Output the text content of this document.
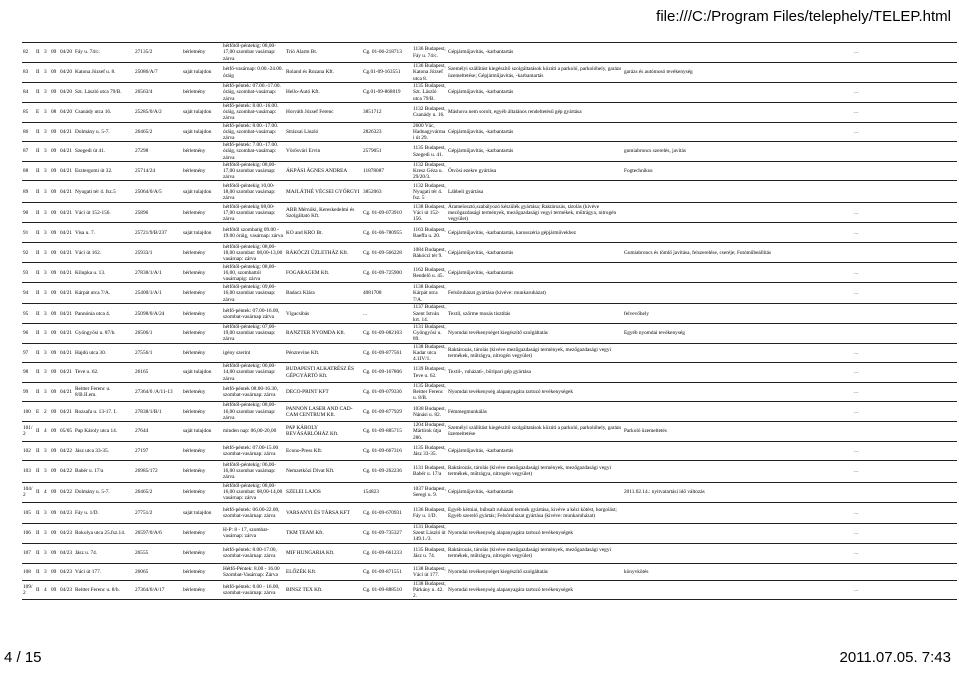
file:///C:/Program Files/telephely/TELEP.html
82	II	3	09	04/20	Fáy u. 74/c.	27135/2	bérlemény	hétfőtől-péntekig: 08,00-17,00 szombat vasárnap: zárva	Trió Alarm Bt.	Cg. 01-06-218713	1136 Budapest, Fáy u. 74/c.	Gépjárműjavítás, -karbantartás		...
83	II	3	09	04/20	Katona József u. 8.	25086/A/7	saját tulajdon	hétfő-vasárnap: 0.00.-24.00. óráig	Roland és Rozana Kft.	Cg.01-09-163551	1136 Budapest, Katona József utca 8.	Személyi szállítást kiegészítő szolgáltatások közúti a parkoló, parkolóhely, garázs üzemeltetése; Gépjárműjavítás, -karbantartás	garázs és autómosó tevékenység	
84	II	3	09	04/20	Szt. László utca 79/B.	26563/4	bérlemény	hétfő-péntek: 07.00.-17.00. óráig, szombat-vasárnap: zárva	Hello-Autó Kft.	Cg.01-09-868019	1135 Budapest, Szt. László utca 79/B.	Gépjárműjavítás, -karbantartás		...
85	E	3	08	04/20	Csanády utca 16.	25285/0/A/2	saját tulajdon	hétfő-péntek: 8.00.-16.00. óráig, szombat-vasárnap: zárva	Horváth József Ferenc	3851712	1132 Budapest, Csanády u. 16.	Máshova nem sorolt, egyéb általános rendeltetésű gép gyártása		...
86	II	3	09	04/21	Dolmány u. 5-7.	26465/2	saját tulajdon	hétfő-péntek: 8.00.-17.00. óráig, szombat-vasárnap: zárva	Strázsai László	2826323	2600 Vác, Hadnagyvármai út 29.	Gépjárműjavítás, -karbantartás		...
87	II	3	09	04/21	Szegedi út 41.	27298	bérlemény	hétfő-péntek: 7.00.-17.00. óráig, szombat-vasárnap: zárva	Vörösvári Ervin	2579051	1135 Budapest, Szegedi u. 41.	Gépjárműjavítás, -karbantartás	gumiabroncs szerelés, javítás	
88	II	3	09	04/21	Esztergomi út 32.	25714/24	bérlemény	hétfőtől-péntekig: 08,00-17,00 szombat vasárnap: zárva	ÁKPÁSI ÁGNES ANDREA	11878087	1132 Budapest, Kresz Géza u. 29/20/3.	Ötvösi ezekre gyártása	Fogtechnikus	
89	II	3	09	04/21	Nyugati tér 4. fsz.5	25064/0/A/5	saját tulajdon	hétfőtől-péntekig 10,00-18,00 szombat vasárnap: zárva	MAJLÁTHÉ VÉCSEI GYÖRGYI	3852063	1132 Budapest, Nyugati tér 4. fsz. 5	Lábbeli gyártása		
90	II	3	09	04/21	Váci út 152-156.	25896	bérlemény	hétfőtől-péntekig 08,00-17,00 szombat vasárnap: zárva	ABB Mérnöki, Kereskedelmi és Szolgáltató Kft.	Cg. 01-09-073910	1138 Budapest, Váci út 152-156.	Áramelosztó,szabályozó készülék gyártása; Raktározás, tárolás (kivéve mezőgazdasági termények, mezőgazdasági vegyi termékek, műtrágya, nitrogén vegyület)		...
91	II	3	09	04/21	Visa u. 7.	25721/9/B/237	saját tulajdon	hétfőtől szombatig 09.00 - 19.00 óráig, vasárnap: zárva	KO and KRO Bt.	Cg. 01-06-780955	1163 Budapest, Baeffa u. 20.	Gépjárműjavítás, -karbantartás, karosszéria gépjárművekhez		...
92	II	3	09	04/21	Váci út 162.	25933/1	bérlemény	hétfőtől-péntekig: 08,00-18,00 szombat: 08,00-13,00 vasárnap: zárva	RÁKÓCZI ÜZLETHÁZ Kft.	Cg. 01-09-566228	1084 Budapest, Rákóczi tér 9.	Gépjárműjavítás, -karbantartás	Gumiabroncs és tömlő javítása, felszerelése, cseréje; Futóműbeállítás	
93	II	3	09	04/21	Kilupka u. 13.	27838/1/A/1	bérlemény	hétfőtől-péntekig: 08,00-16,00, szombattól vasárnapig: zárva	FOGARAGEM Kft.	Cg. 01-09-725900	1162 Budapest, Rendelő u. 45.	Gépjárműjavítás, -karbantartás		...
94	II	3	09	04/21	Kárpát utca 7/A.	25400/1/A/1	bérlemény	hétfőtől-péntekig: 09,00-16,00 szombat vasárnap: zárva	Badacz Klára	4081708	1138 Budapest, Kárpát utca 7/A.	Felsőruházat gyártása (kivéve: munkaruházat)		...
95	II	3	09	04/21	Pannónia utca 4.	25098/0/A/24	bérlemény	hétfő-péntek: 07.00-16.00, szombat-vasárnap zárva	Vígacsibás	...	1137 Budapest, Szent István krt. 14.	Textil, szőrme mosás tisztítás	felvevőhely	
96	II	3	09	04/21	Gyöngyösi u. 87/b.	26506/1	bérlemény	hétfőtől-péntekig: 07,00-19,00 szombat vasárnap: zárva	RANZTER NYOMDA Kft.	Cg. 01-09-082103	1131 Budapest, Gyöngyösi u. 89.	Nyomdai tevékenységet kiegészítő szolgáltatás	Egyéb nyomdai tevékenység	
97	II	3	09	04/21	Hajdú utca 30.	27556/1	bérlemény	igény szerint	Pénzrevine Kft.	Cg. 01-09-877561	1138 Budapest, Kadar utca 4.1IV/1.	Raktározás, tárolás (kivéve mezőgazdasági termények, mezőgazdasági vegyi termékek, műtrágya, nitrogén vegyület)		...
98	II	3	09	04/21	Teve u. 62.	26165	saját tulajdon	hétfőtől-péntekig: 06,00-14,00 szombat vasárnap: zárva	BUDAPESTI ALKATRÉSZ ÉS GÉPGYÁRTÓ Kft.	Cg. 01-09-167806	1139 Budapest, Teve u. 62.	Textil-, ruházati-, bőripari gép gyártása		...
99	II	3	09	04/21	Reitter Ferenc u. 8/B.II.em.	27364/0 /A/11-13	bérlemény	hétfő-péntek 08.00-16.30, szombat-vasárnap: zárva	DECO-PRINT KFT	Cg. 01-09-079336	1135 Budapest, Reitter Ferenc u. 8/B.	Nyomdai tevékenység alapanyagára tartozó tevékenységek		...
100	E	2	09	04/21	Rozsafa u. 13-17. I.	27838/1/B/1	bérlemény	hétfőtől-péntekig: 08,00-16,00 szombat vasárnap: zárva	PANNON LASER AND CAD-CAM CENTRUM Kft.	Cg. 01-09-877929	1038 Budapest, Nánási u. 82.	Fémmegmunkálás		...
101/2	II	4	09	05/05	Pap Károly utca 14.	27644	saját tulajdon	minden nap: 06,00-20,00	PAP KÁROLY BEVÁSÁRLÓHÁZ Kft.	Cg. 01-09-885715	1204 Budapest, Mártírok útja 286.	Személyi szállítást kiegészítő szolgáltatások közúti a parkoló, parkolóhely, garázs üzemeltetése	Parkoló üzemeltetés	
102	II	3	09	04/22	Jász utca 33-35.	27197	bérlemény	hétfő-péntek: 07.00-15.00 szombat-vasárnap: zárva	Econo-Press Kft.	Cg. 01-09-667316	1135 Budapest, Jász 33-35.	Gépjárműjavítás, -karbantartás		...
103	II	3	09	04/22	Babér u. 17/a	26985/172	bérlemény	hétfőtől-péntekig: 06,00-16,00 szombat vasárnap: zárva	Nemzetközi Divat Kft.	Cg. 01-09-262236	1131 Budapest, Babér u. 17/a	Raktározás, tárolás (kivéve mezőgazdasági termények, mezőgazdasági vegyi termékek, műtrágya, nitrogén vegyület)		...
104/2	II	4	09	04/22	Dolmány u. 5-7.	26465/2	bérlemény	hétfőtől-péntekig: 08,00-16,00 szombat: 08,00-14,00 vasárnap: zárva	SZELEI LAJOS	154823	1037 Budapest, Seregi u. 9.	Gépjárműjavítás, -karbantartás	2011.02.14.: nyitvatartási idő változás	
105	II	3	09	04/23	Fáy u. 1/D.	27751/2	saját tulajdon	hétfő-péntek: 06.00-22.00, szombat-vasárnap: zárva	VARSANYI ÉS TÁRSA KFT	Cg. 01-09-670931	1136 Budapest, Fáy u. 1/D.	Egyéb kémiai, búbsalt ruházati termék gyártása, kivéve a kézi kötést, horgolást; Egyéb szerelő gyártás; Felsőruházat gyártása (kivéve: munkaruházat)		...
106	II	3	09	04/23	Rokolya utca 25.fsz.14.	26597/0/A/6	bérlemény	H-P: 8 - 17, szombat-vasárnap: zárva	TKM TEAM Kft.	Cg. 01-09-735327	1131 Budapest, Szent László út 149.1./3.	Nyomdai tevékenység alapanyagára tartozó tevékenységek		...
107	II	3	09	04/23	Jász u. 74.	26555	bérlemény	hétfő-péntek: 8.00-17.00, szombat-vasárnap: zárva	MIF HUNGARIA Kft.	Cg. 01-09-661233	1135 Budapest, Jász u. 74.	Raktározás, tárolás (kivéve mezőgazdasági termények, mezőgazdasági vegyi termékek, műtrágya, nitrogén vegyület)		...
108	II	3	09	04/23	Váci út 177.	26065	bérlemény	Hétfő-Péntek: 8.00 - 16.00 Szombat-Vasárnap: Zárva	ELŐZÉK Kft.	Cg. 01-09-871551	1138 Budapest, Váci út 177.	Nyomdai tevékenységet kiegészítő szolgáltatás	könyvkötés	
109/2	II	4	09	04/23	Reitter Ferenc u. 8/b.	27364/0/A/17	bérlemény	hétfő-péntek: 8.00 - 16.00, szombat-vasárnap: zárva	BINSZ TEX Kft.	Cg. 01-09-888510	1138 Budapest, Párkány u. 42. 2.	Nyomdai tevékenység alapanyagára tartozó tevékenységek		...
4 / 15	2011.07.05. 7:43
